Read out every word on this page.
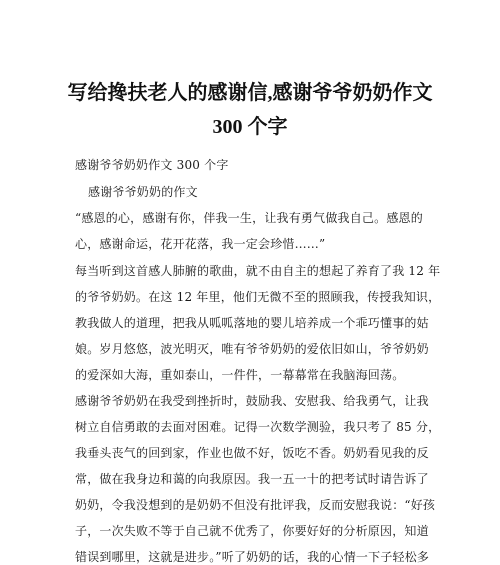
写给搀扶老人的感谢信,感谢爷爷奶奶作文
300 个字
感谢爷爷奶奶作文 300 个字
感谢爷爷奶奶的作文
“感恩的心，感谢有你，伴我一生，让我有勇气做我自己。感恩的
心，感谢命运，花开花落，我一定会珍惜……”
每当听到这首感人肺腑的歌曲，就不由自主的想起了养育了我 12 年
的爷爷奶奶。在这 12 年里，他们无微不至的照顾我，传授我知识，
教我做人的道理，把我从呱呱落地的婴儿培养成一个乖巧懂事的姑
娘。岁月悠悠，波光明灭，唯有爷爷奶奶的爱依旧如山，爷爷奶奶
的爱深如大海，重如泰山，一件件，一幕幕常在我脑海回荡。
感谢爷爷奶奶在我受到挫折时，鼓励我、安慰我、给我勇气，让我
树立自信勇敢的去面对困难。记得一次数学测验，我只考了 85 分，
我垂头丧气的回到家，作业也做不好，饭吃不香。奶奶看见我的反
常，做在我身边和蔼的向我原因。我一五一十的把考试时请告诉了
奶奶，令我没想到的是奶奶不但没有批评我，反而安慰我说：“好孩
子，一次失败不等于自己就不优秀了，你要好好的分析原因，知道
错误到哪里，这就是进步。”听了奶奶的话，我的心情一下子轻松多
